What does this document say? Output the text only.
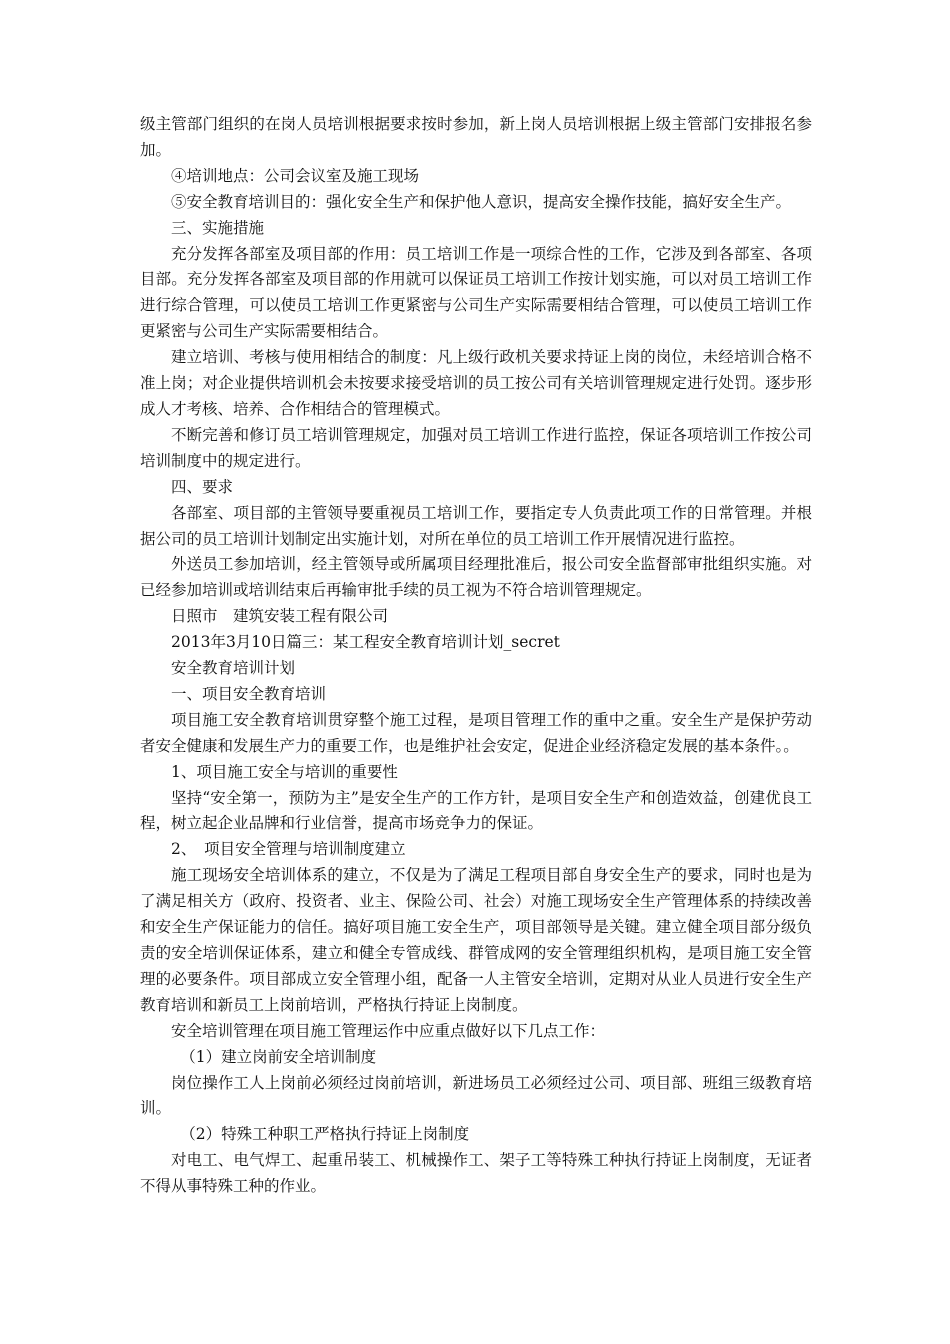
级主管部门组织的在岗人员培训根据要求按时参加，新上岗人员培训根据上级主管部门安排报名参加。

④培训地点：公司会议室及施工现场

⑤安全教育培训目的：强化安全生产和保护他人意识，提高安全操作技能，搞好安全生产。

三、实施措施

充分发挥各部室及项目部的作用：员工培训工作是一项综合性的工作，它涉及到各部室、各项目部。充分发挥各部室及项目部的作用就可以保证员工培训工作按计划实施，可以对员工培训工作进行综合管理，可以使员工培训工作更紧密与公司生产实际需要相结合管理，可以使员工培训工作更紧密与公司生产实际需要相结合。

建立培训、考核与使用相结合的制度：凡上级行政机关要求持证上岗的岗位，未经培训合格不准上岗；对企业提供培训机会未按要求接受培训的员工按公司有关培训管理规定进行处罚。逐步形成人才考核、培养、合作相结合的管理模式。

不断完善和修订员工培训管理规定，加强对员工培训工作进行监控，保证各项培训工作按公司培训制度中的规定进行。

四、要求

各部室、项目部的主管领导要重视员工培训工作，要指定专人负责此项工作的日常管理。并根据公司的员工培训计划制定出实施计划，对所在单位的员工培训工作开展情况进行监控。

外送员工参加培训，经主管领导或所属项目经理批准后，报公司安全监督部审批组织实施。对已经参加培训或培训结束后再输审批手续的员工视为不符合培训管理规定。

日照市　建筑安装工程有限公司

2013年3月10日篇三：某工程安全教育培训计划_secret

安全教育培训计划

一、项目安全教育培训

项目施工安全教育培训贯穿整个施工过程，是项目管理工作的重中之重。安全生产是保护劳动者安全健康和发展生产力的重要工作，也是维护社会安定，促进企业经济稳定发展的基本条件。。

1、项目施工安全与培训的重要性

坚持“安全第一，预防为主”是安全生产的工作方针，是项目安全生产和创造效益，创建优良工程，树立起企业品牌和行业信誉，提高市场竞争力的保证。

2、　项目安全管理与培训制度建立

施工现场安全培训体系的建立，不仅是为了满足工程项目部自身安全生产的要求，同时也是为了满足相关方（政府、投资者、业主、保险公司、社会）对施工现场安全生产管理体系的持续改善和安全生产保证能力的信任。搞好项目施工安全生产，项目部领导是关键。建立健全项目部分级负责的安全培训保证体系，建立和健全专管成线、群管成网的安全管理组织机构，是项目施工安全管理的必要条件。项目部成立安全管理小组，配备一人主管安全培训，定期对从业人员进行安全生产教育培训和新员工上岗前培训，严格执行持证上岗制度。

安全培训管理在项目施工管理运作中应重点做好以下几点工作：

（1）建立岗前安全培训制度

岗位操作工人上岗前必须经过岗前培训，新进场员工必须经过公司、项目部、班组三级教育培训。

（2）特殊工种职工严格执行持证上岗制度

对电工、电气焊工、起重吊装工、机械操作工、架子工等特殊工种执行持证上岗制度，无证者不得从事特殊工种的作业。
